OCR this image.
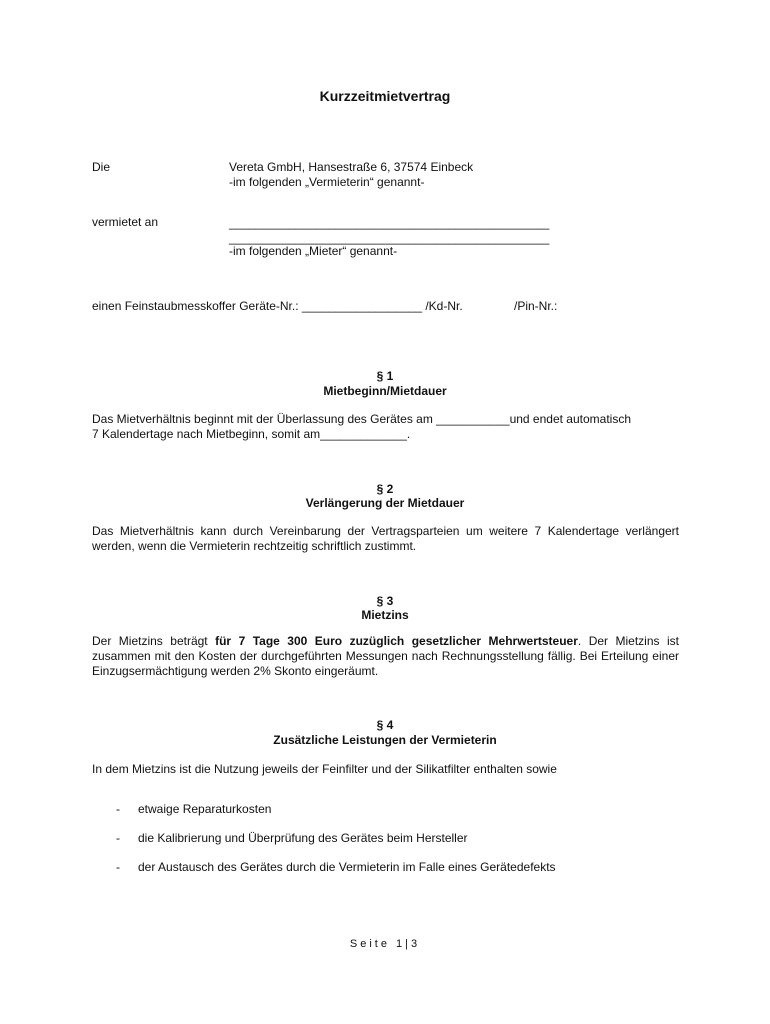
Kurzzeitmietvertrag
Die	Vereta GmbH, Hansestraße 6, 37574 Einbeck
-im folgenden „Vermieterin“ genannt-
vermietet an	________________________________________________
________________________________________________
-im folgenden „Mieter“ genannt-
einen Feinstaubmesskoffer Geräte-Nr.: __________________ /Kd-Nr.	/Pin-Nr.:
§ 1
Mietbeginn/Mietdauer
Das Mietverhältnis beginnt mit der Überlassung des Gerätes am ___________und endet automatisch
7 Kalendertage nach Mietbeginn, somit am_____________.
§ 2
Verlängerung der Mietdauer
Das Mietverhältnis kann durch Vereinbarung der Vertragsparteien um weitere 7 Kalendertage verlängert werden, wenn die Vermieterin rechtzeitig schriftlich zustimmt.
§ 3
Mietzins
Der Mietzins beträgt für 7 Tage 300 Euro zuzüglich gesetzlicher Mehrwertsteuer. Der Mietzins ist zusammen mit den Kosten der durchgeführten Messungen nach Rechnungsstellung fällig. Bei Erteilung einer Einzugsermächtigung werden 2% Skonto eingeräumt.
§ 4
Zusätzliche Leistungen der Vermieterin
In dem Mietzins ist die Nutzung jeweils der Feinfilter und der Silikatfilter enthalten sowie
- etwaige Reparaturkosten
- die Kalibrierung und Überprüfung des Gerätes beim Hersteller
- der Austausch des Gerätes durch die Vermieterin im Falle eines Gerätedefekts
Seite 1|3
